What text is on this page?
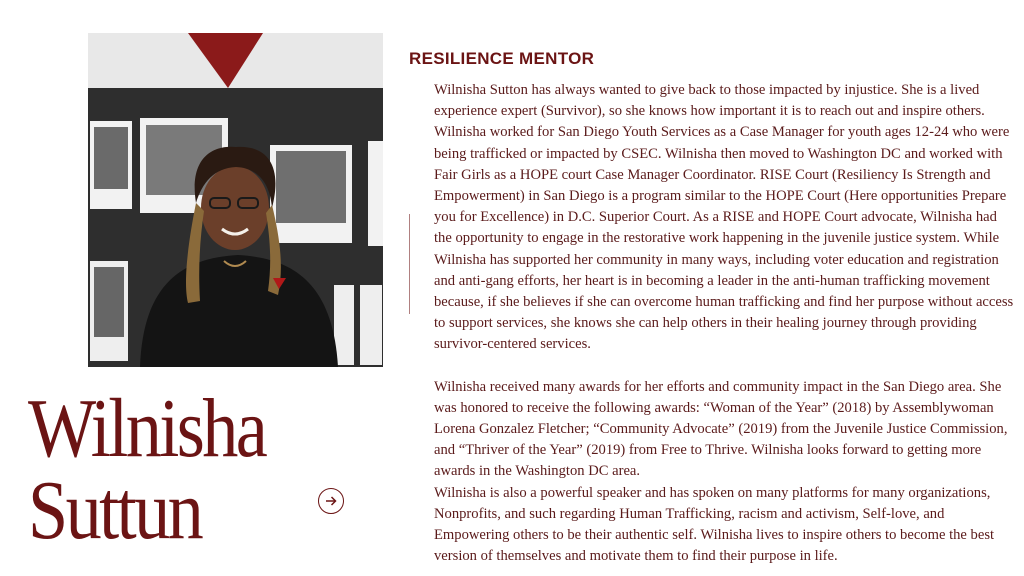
Wilnisha
Suttun
RESILIENCE MENTOR

Wilnisha Sutton has always wanted to give back to those impacted by injustice. She is a lived experience expert (Survivor), so she knows how important it is to reach out and inspire others. Wilnisha worked for San Diego Youth Services as a Case Manager for youth ages 12-24 who were being trafficked or impacted by CSEC. Wilnisha then moved to Washington DC and worked with Fair Girls as a HOPE court Case Manager Coordinator. RISE Court (Resiliency Is Strength and Empowerment) in San Diego is a program similar to the HOPE Court (Here opportunities Prepare you for Excellence) in D.C. Superior Court. As a RISE and HOPE Court advocate, Wilnisha had the opportunity to engage in the restorative work happening in the juvenile justice system. While Wilnisha has supported her community in many ways, including voter education and registration and anti-gang efforts, her heart is in becoming a leader in the anti-human trafficking movement because, if she believes if she can overcome human trafficking and find her purpose without access to support services, she knows she can help others in their healing journey through providing survivor-centered services.

Wilnisha received many awards for her efforts and community impact in the San Diego area. She was honored to receive the following awards: “Woman of the Year” (2018) by Assemblywoman Lorena Gonzalez Fletcher; “Community Advocate” (2019) from the Juvenile Justice Commission, and “Thriver of the Year” (2019) from Free to Thrive. Wilnisha looks forward to getting more awards in the Washington DC area.

Wilnisha is also a powerful speaker and has spoken on many platforms for many organizations, Nonprofits, and such regarding Human Trafficking, racism and activism, Self-love, and Empowering others to be their authentic self. Wilnisha lives to inspire others to become the best version of themselves and motivate them to find their purpose in life.
